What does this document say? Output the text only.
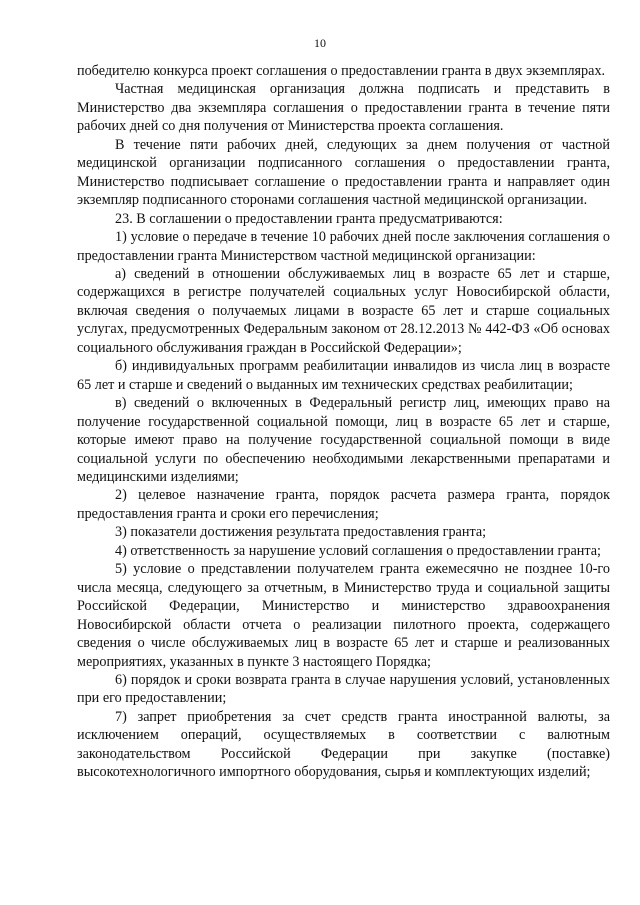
10

победителю конкурса проект соглашения о предоставлении гранта в двух экземплярах.

Частная медицинская организация должна подписать и представить в Министерство два экземпляра соглашения о предоставлении гранта в течение пяти рабочих дней со дня получения от Министерства проекта соглашения.

В течение пяти рабочих дней, следующих за днем получения от частной медицинской организации подписанного соглашения о предоставлении гранта, Министерство подписывает соглашение о предоставлении гранта и направляет один экземпляр подписанного сторонами соглашения частной медицинской организации.

23. В соглашении о предоставлении гранта предусматриваются:

1) условие о передаче в течение 10 рабочих дней после заключения соглашения о предоставлении гранта Министерством частной медицинской организации:

а) сведений в отношении обслуживаемых лиц в возрасте 65 лет и старше, содержащихся в регистре получателей социальных услуг Новосибирской области, включая сведения о получаемых лицами в возрасте 65 лет и старше социальных услугах, предусмотренных Федеральным законом от 28.12.2013 № 442-ФЗ «Об основах социального обслуживания граждан в Российской Федерации»;

б) индивидуальных программ реабилитации инвалидов из числа лиц в возрасте 65 лет и старше и сведений о выданных им технических средствах реабилитации;

в) сведений о включенных в Федеральный регистр лиц, имеющих право на получение государственной социальной помощи, лиц в возрасте 65 лет и старше, которые имеют право на получение государственной социальной помощи в виде социальной услуги по обеспечению необходимыми лекарственными препаратами и медицинскими изделиями;

2) целевое назначение гранта, порядок расчета размера гранта, порядок предоставления гранта и сроки его перечисления;

3) показатели достижения результата предоставления гранта;

4) ответственность за нарушение условий соглашения о предоставлении гранта;

5) условие о представлении получателем гранта ежемесячно не позднее 10-го числа месяца, следующего за отчетным, в Министерство труда и социальной защиты Российской Федерации, Министерство и министерство здравоохранения Новосибирской области отчета о реализации пилотного проекта, содержащего сведения о числе обслуживаемых лиц в возрасте 65 лет и старше и реализованных мероприятиях, указанных в пункте 3 настоящего Порядка;

6) порядок и сроки возврата гранта в случае нарушения условий, установленных при его предоставлении;

7) запрет приобретения за счет средств гранта иностранной валюты, за исключением операций, осуществляемых в соответствии с валютным законодательством Российской Федерации при закупке (поставке) высокотехнологичного импортного оборудования, сырья и комплектующих изделий;
